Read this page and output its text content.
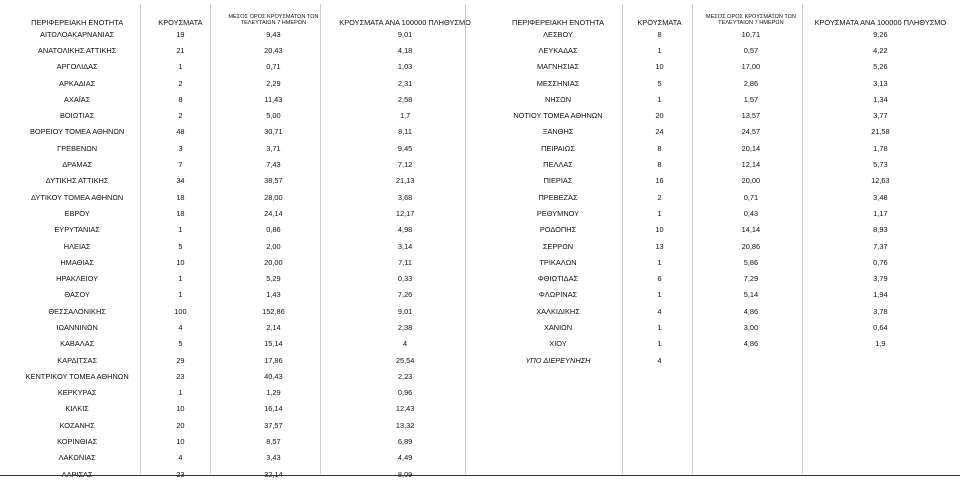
ΠΕΡΙΦΕΡΕΙΑΚΗ ΕΝΟΤΗΤΑ	ΚΡΟΥΣΜΑΤΑ	ΜΕΣΟΣ ΟΡΟΣ ΚΡΟΥΣΜΑΤΩΝ ΤΩΝ ΤΕΛΕΥΤΑΙΩΝ 7 ΗΜΕΡΩΝ	ΚΡΟΥΣΜΑΤΑ ΑΝΑ 100000 ΠΛΗΘΥΣΜΟ
ΑΙΤΩΛΟΑΚΑΡΝΑΝΙΑΣ	19	9,43	9,01
ΑΝΑΤΟΛΙΚΗΣ ΑΤΤΙΚΗΣ	21	20,43	4,18
ΑΡΓΟΛΙΔΑΣ	1	0,71	1,03
ΑΡΚΑΔΙΑΣ	2	2,29	2,31
ΑΧΑΪΑΣ	8	11,43	2,58
ΒΟΙΩΤΙΑΣ	2	5,00	1,7
ΒΟΡΕΙΟΥ ΤΟΜΕΑ ΑΘΗΝΩΝ	48	30,71	8,11
ΓΡΕΒΕΝΩΝ	3	3,71	9,45
ΔΡΑΜΑΣ	7	7,43	7,12
ΔΥΤΙΚΗΣ ΑΤΤΙΚΗΣ	34	38,57	21,13
ΔΥΤΙΚΟΥ ΤΟΜΕΑ ΑΘΗΝΩΝ	18	28,00	3,68
ΕΒΡΟΥ	18	24,14	12,17
ΕΥΡΥΤΑΝΙΑΣ	1	0,86	4,98
ΗΛΕΙΑΣ	5	2,00	3,14
ΗΜΑΘΙΑΣ	10	20,00	7,11
ΗΡΑΚΛΕΙΟΥ	1	5,29	0,33
ΘΑΣΟΥ	1	1,43	7,26
ΘΕΣΣΑΛΟΝΙΚΗΣ	100	152,86	9,01
ΙΩΑΝΝΙΝΩΝ	4	2,14	2,38
ΚΑΒΑΛΑΣ	5	15,14	4
ΚΑΡΔΙΤΣΑΣ	29	17,86	25,54
ΚΕΝΤΡΙΚΟΥ ΤΟΜΕΑ ΑΘΗΝΩΝ	23	40,43	2,23
ΚΕΡΚΥΡΑΣ	1	1,29	0,96
ΚΙΛΚΙΣ	10	16,14	12,43
ΚΟΖΑΝΗΣ	20	37,57	13,32
ΚΟΡΙΝΘΙΑΣ	10	8,57	6,89
ΛΑΚΩΝΙΑΣ	4	3,43	4,49
ΛΑΡΙΣΑΣ	23	32,14	8,09
ΠΕΡΙΦΕΡΕΙΑΚΗ ΕΝΟΤΗΤΑ	ΚΡΟΥΣΜΑΤΑ	ΜΕΣΟΣ ΟΡΟΣ ΚΡΟΥΣΜΑΤΩΝ ΤΩΝ ΤΕΛΕΥΤΑΙΩΝ 7 ΗΜΕΡΩΝ	ΚΡΟΥΣΜΑΤΑ ΑΝΑ 100000 ΠΛΗΘΥΣΜΟ
ΛΕΣΒΟΥ	8	10,71	9,26
ΛΕΥΚΑΔΑΣ	1	0,57	4,22
ΜΑΓΝΗΣΙΑΣ	10	17,00	5,26
ΜΕΣΣΗΝΙΑΣ	5	2,86	3,13
ΝΗΣΩΝ	1	1,57	1,34
ΝΟΤΙΟΥ ΤΟΜΕΑ ΑΘΗΝΩΝ	20	13,57	3,77
ΞΑΝΘΗΣ	24	24,57	21,58
ΠΕΙΡΑΙΩΣ	8	20,14	1,78
ΠΕΛΛΑΣ	8	12,14	5,73
ΠΙΕΡΙΑΣ	16	20,00	12,63
ΠΡΕΒΕΖΑΣ	2	0,71	3,48
ΡΕΘΥΜΝΟΥ	1	0,43	1,17
ΡΟΔΟΠΗΣ	10	14,14	8,93
ΣΕΡΡΩΝ	13	20,86	7,37
ΤΡΙΚΑΛΩΝ	1	5,86	0,76
ΦΘΙΩΤΙΔΑΣ	6	7,29	3,79
ΦΛΩΡΙΝΑΣ	1	5,14	1,94
ΧΑΛΚΙΔΙΚΗΣ	4	4,86	3,78
ΧΑΝΙΩΝ	1	3,00	0,64
ΧΙΟΥ	1	4,86	1,9
ΥΠΟ ΔΙΕΡΕΥΝΗΣΗ	4		
